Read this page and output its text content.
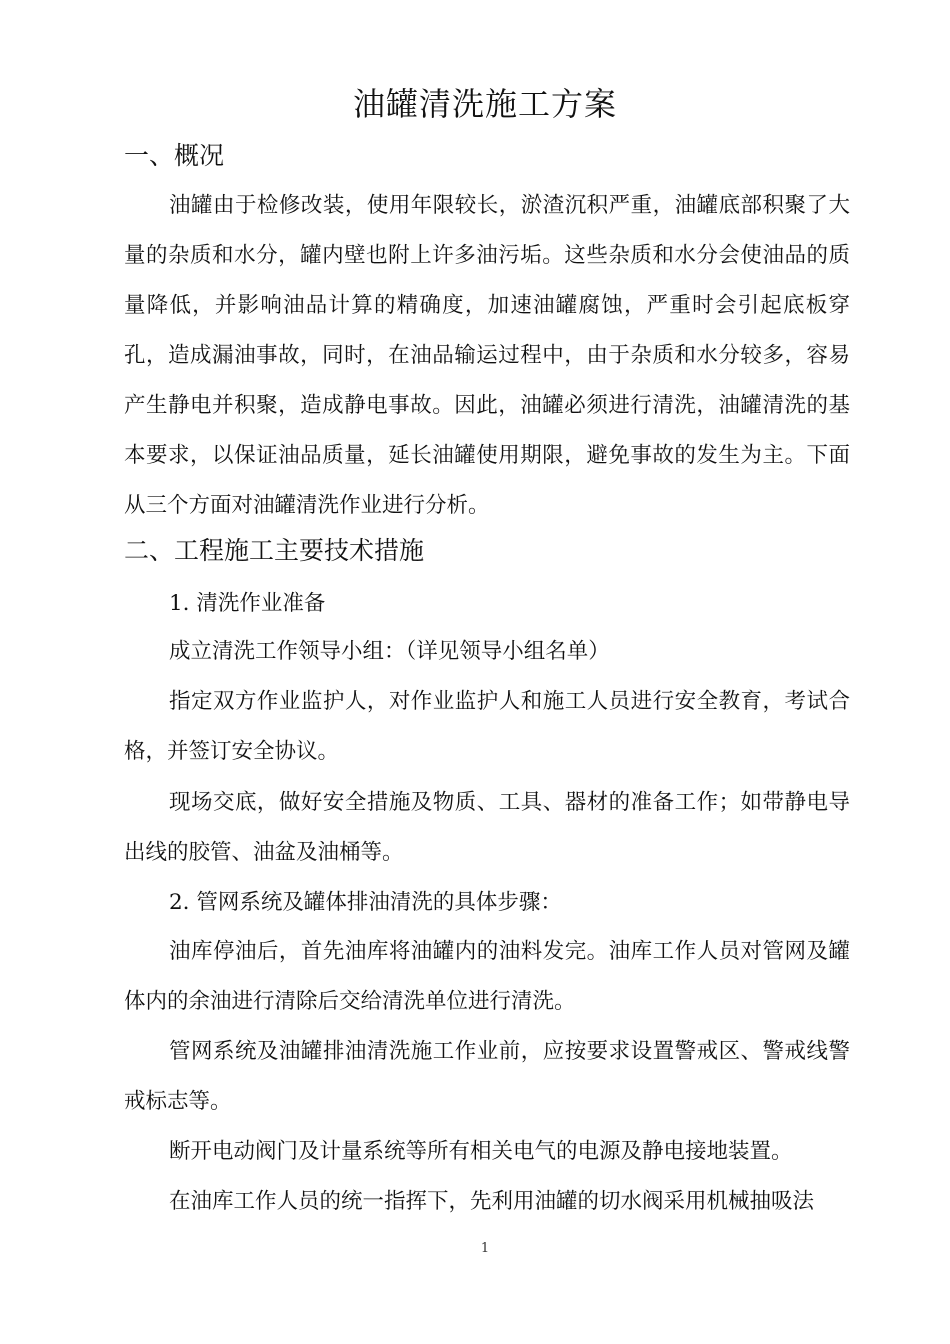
油罐清洗施工方案
一、概况

油罐由于检修改装，使用年限较长，淤渣沉积严重，油罐底部积聚了大量的杂质和水分，罐内壁也附上许多油污垢。这些杂质和水分会使油品的质量降低，并影响油品计算的精确度，加速油罐腐蚀，严重时会引起底板穿孔，造成漏油事故，同时，在油品输运过程中，由于杂质和水分较多，容易产生静电并积聚，造成静电事故。因此，油罐必须进行清洗，油罐清洗的基本要求，以保证油品质量，延长油罐使用期限，避免事故的发生为主。下面从三个方面对油罐清洗作业进行分析。

二、工程施工主要技术措施
1. 清洗作业准备

成立清洗工作领导小组：（详见领导小组名单）

指定双方作业监护人，对作业监护人和施工人员进行安全教育，考试合格，并签订安全协议。

现场交底，做好安全措施及物质、工具、器材的准备工作；如带静电导出线的胶管、油盆及油桶等。

2. 管网系统及罐体排油清洗的具体步骤：

油库停油后，首先油库将油罐内的油料发完。油库工作人员对管网及罐体内的余油进行清除后交给清洗单位进行清洗。

管网系统及油罐排油清洗施工作业前，应按要求设置警戒区、警戒线警戒标志等。

断开电动阀门及计量系统等所有相关电气的电源及静电接地装置。

在油库工作人员的统一指挥下，先利用油罐的切水阀采用机械抽吸法

1
